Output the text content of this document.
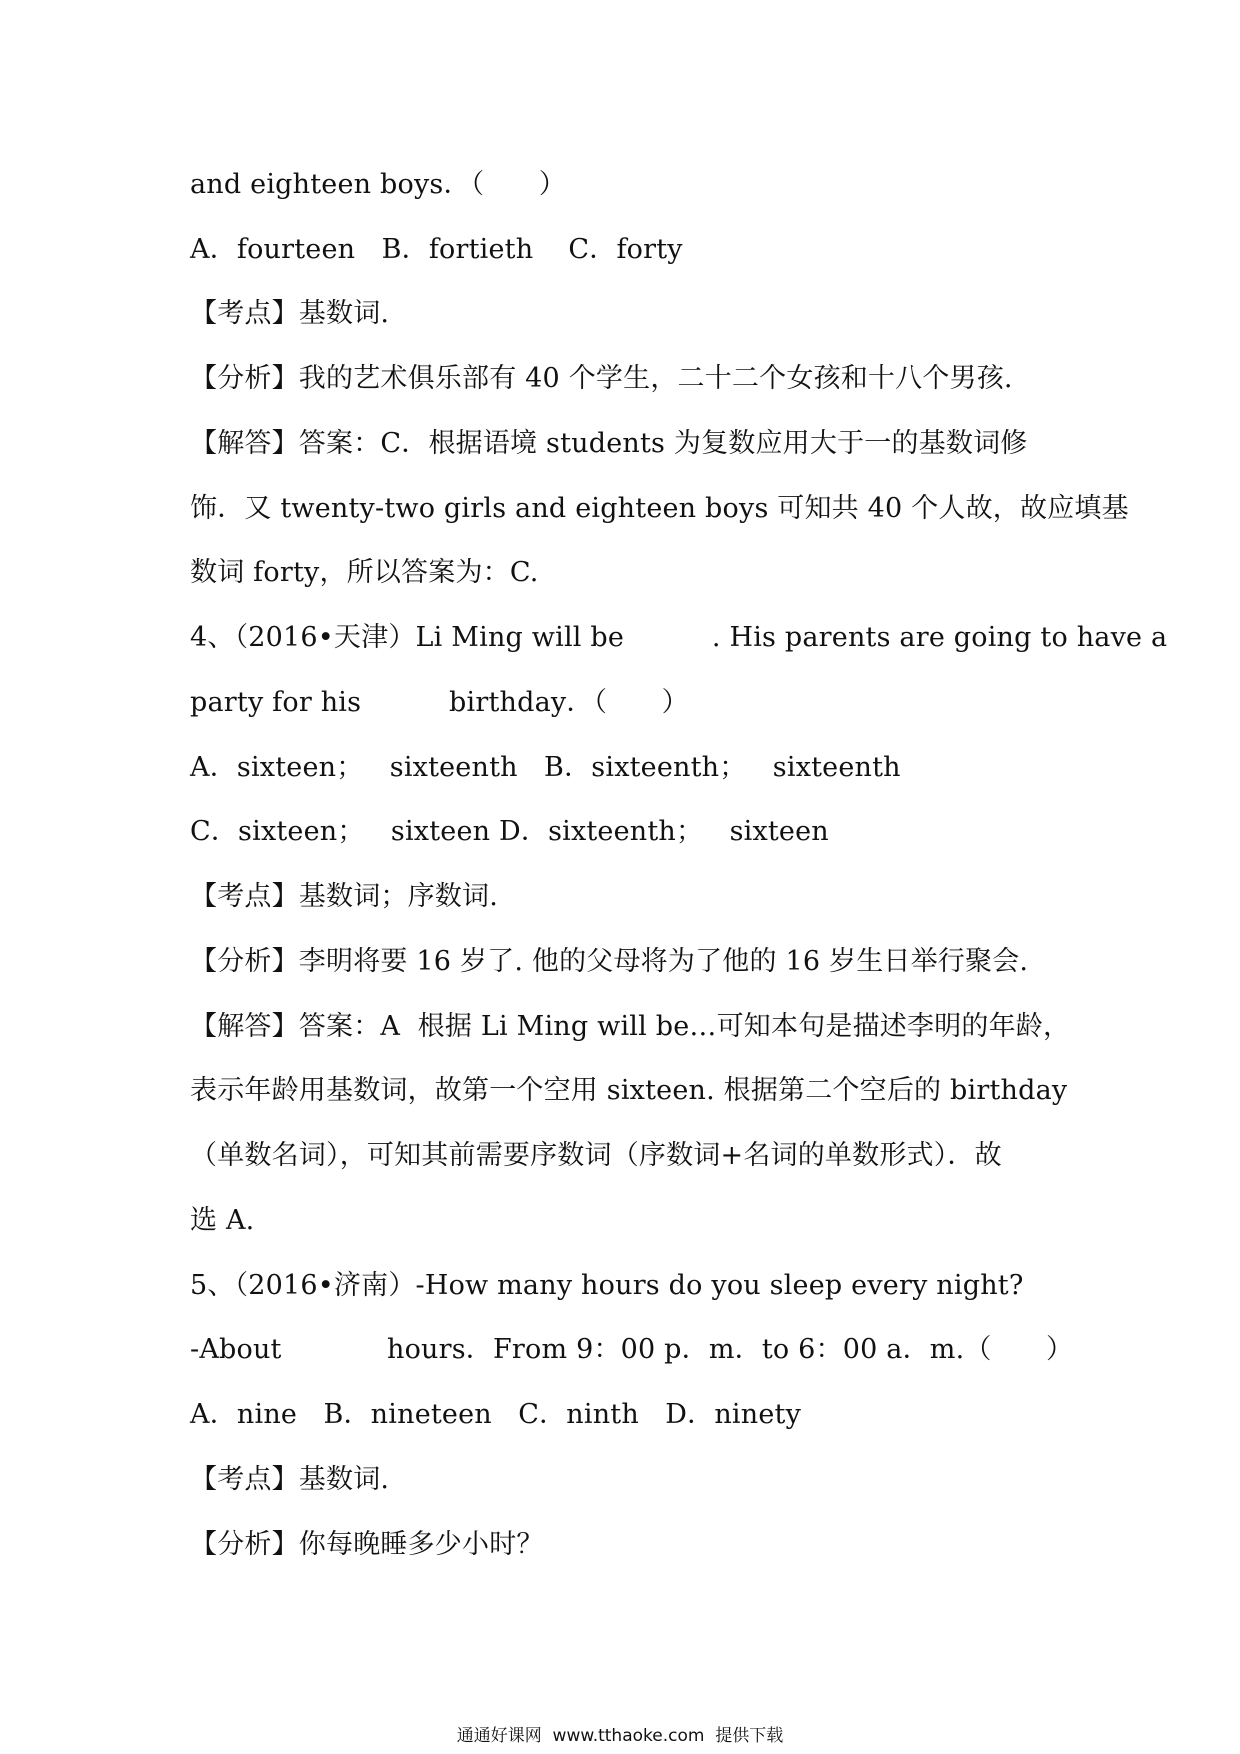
and eighteen boys．（　　）
A．fourteen   B．fortieth    C．forty
【考点】基数词.
【分析】我的艺术俱乐部有 40 个学生，二十二个女孩和十八个男孩.
【解答】答案：C．根据语境 students 为复数应用大于一的基数词修
饰．又 twenty-two girls and eighteen boys 可知共 40 个人故，故应填基
数词 forty，所以答案为：C.
4、（2016•天津）Li Ming will be          . His parents are going to have a
party for his          birthday．（　　）
A．sixteen；   sixteenth   B．sixteenth；   sixteenth
C．sixteen；   sixteen D．sixteenth；   sixteen
【考点】基数词；序数词.
【分析】李明将要 16 岁了. 他的父母将为了他的 16 岁生日举行聚会.
【解答】答案：A  根据 Li Ming will be…可知本句是描述李明的年龄，
表示年龄用基数词，故第一个空用 sixteen. 根据第二个空后的 birthday
（单数名词），可知其前需要序数词（序数词+名词的单数形式）．故
选 A.
5、（2016•济南）-How many hours do you sleep every night?
-About            hours．From 9：00 p．m．to 6：00 a．m.（　　）
A．nine   B．nineteen   C．ninth   D．ninety
【考点】基数词.
【分析】你每晚睡多少小时？
通通好课网  www.tthaoke.com  提供下载
